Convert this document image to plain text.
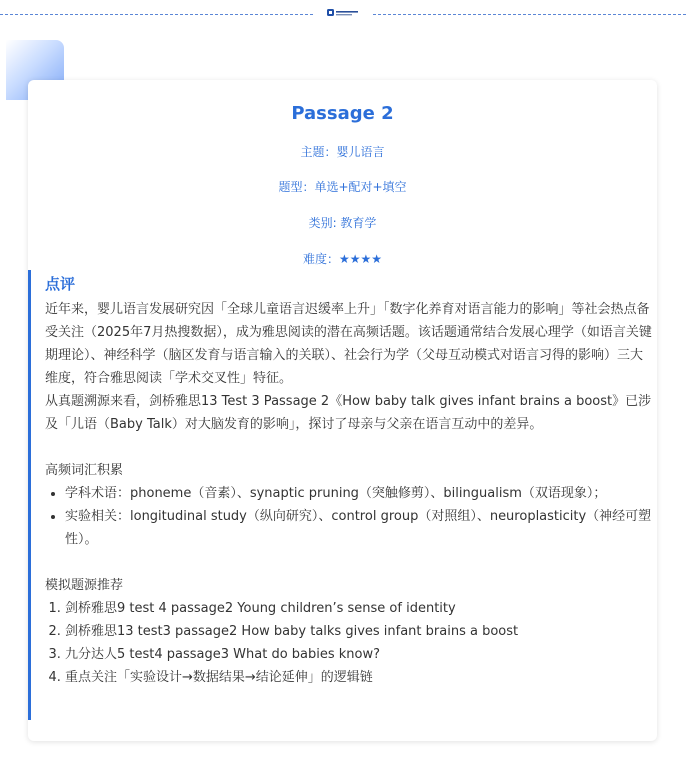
Passage 2
主题：婴儿语言
题型：单选+配对+填空
类别: 教育学
难度：★★★★
点评

近年来，婴儿语言发展研究因「全球儿童语言迟缓率上升」「数字化养育对语言能力的影响」等社会热点备受关注（2025年7月热搜数据），成为雅思阅读的潜在高频话题。该话题通常结合发展心理学（如语言关键期理论）、神经科学（脑区发育与语言输入的关联）、社会行为学（父母互动模式对语言习得的影响）三大维度，符合雅思阅读「学术交叉性」特征。

从真题溯源来看，剑桥雅思13 Test 3 Passage 2《How baby talk gives infant brains a boost》已涉及「儿语（Baby Talk）对大脑发育的影响」，探讨了母亲与父亲在语言互动中的差异。

高频词汇积累

• 学科术语：phoneme（音素）、synaptic pruning（突触修剪）、bilingualism（双语现象）；
• 实验相关：longitudinal study（纵向研究）、control group（对照组）、neuroplasticity（神经可塑性）。

模拟题源推荐

1. 剑桥雅思9 test 4 passage2 Young children’s sense of identity
2. 剑桥雅思13 test3 passage2 How baby talks gives infant brains a boost
3. 九分达人5 test4 passage3 What do babies know?
4. 重点关注「实验设计→数据结果→结论延伸」的逻辑链
